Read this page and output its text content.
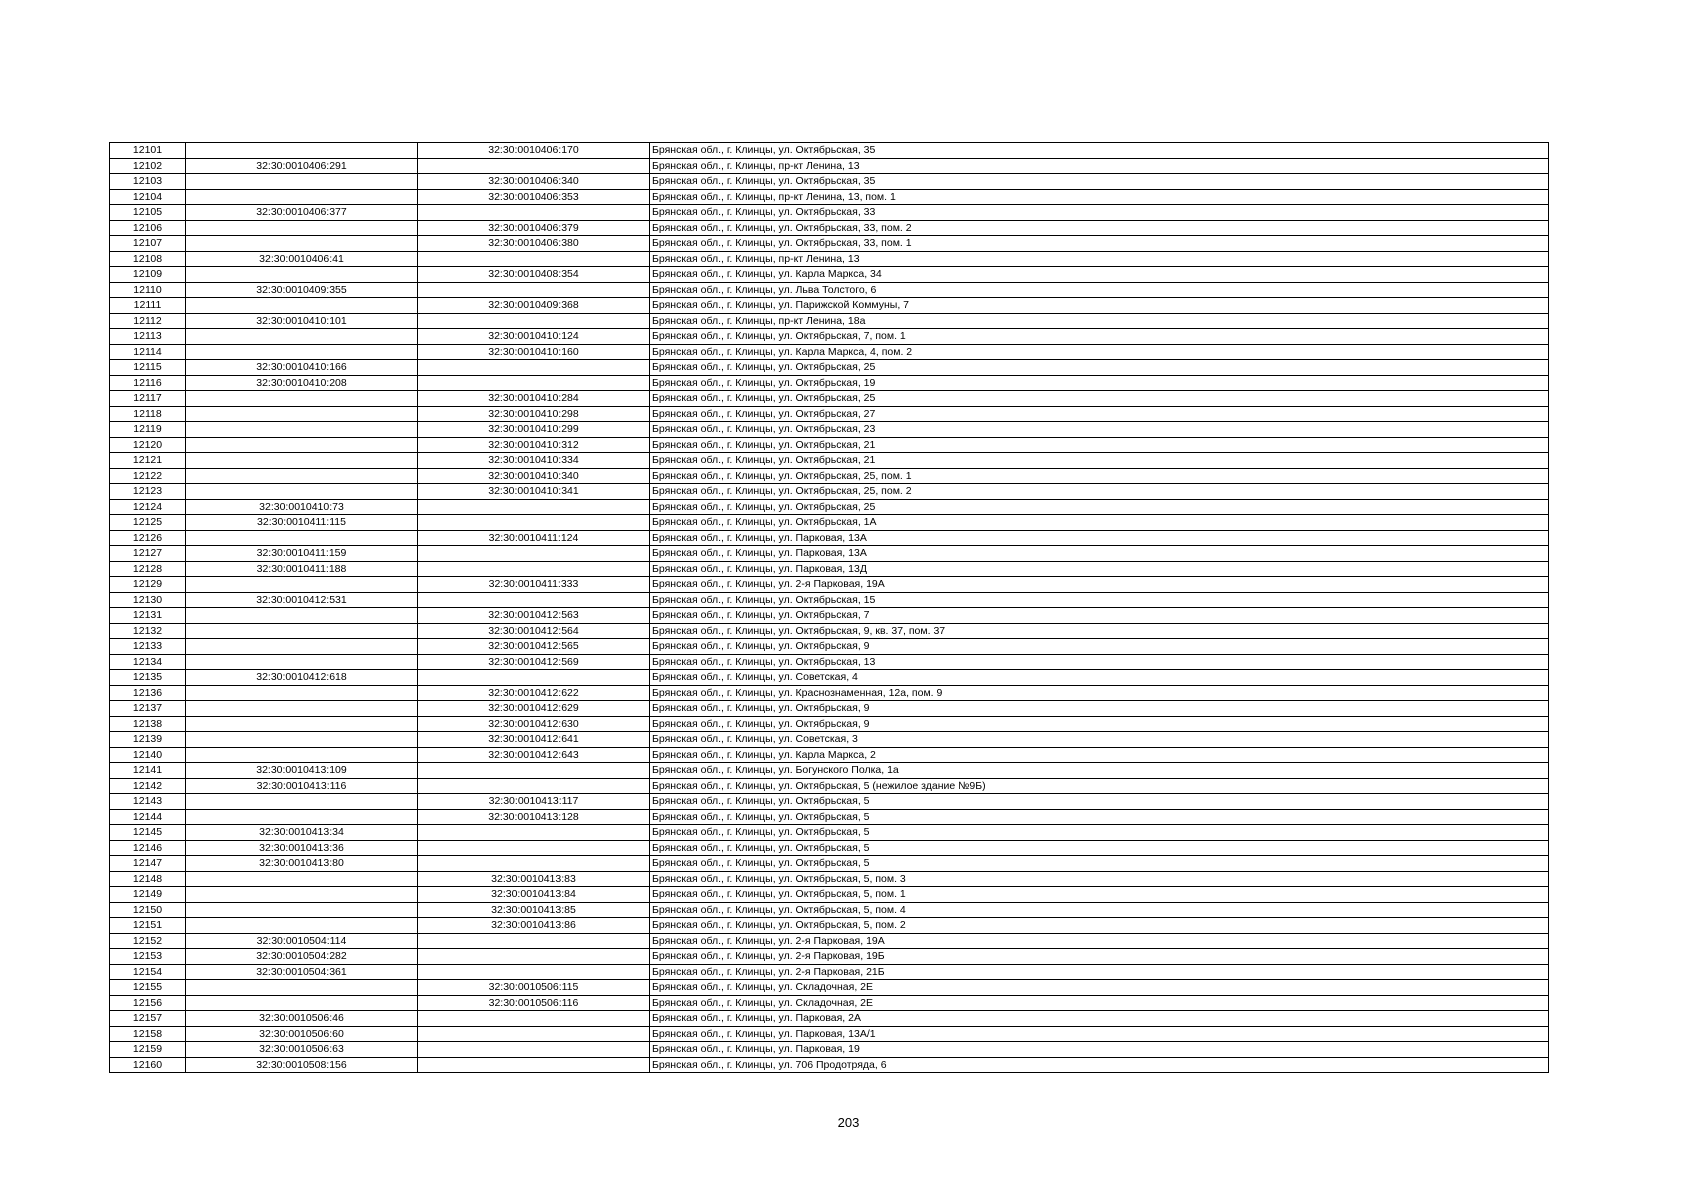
12101		32:30:0010406:170	Брянская обл., г. Клинцы, ул. Октябрьская, 35
12102	32:30:0010406:291		Брянская обл., г. Клинцы, пр-кт Ленина, 13
12103		32:30:0010406:340	Брянская обл., г. Клинцы, ул. Октябрьская, 35
12104		32:30:0010406:353	Брянская обл., г. Клинцы, пр-кт Ленина, 13, пом. 1
12105	32:30:0010406:377		Брянская обл., г. Клинцы, ул. Октябрьская, 33
12106		32:30:0010406:379	Брянская обл., г. Клинцы, ул. Октябрьская, 33, пом. 2
12107		32:30:0010406:380	Брянская обл., г. Клинцы, ул. Октябрьская, 33, пом. 1
12108	32:30:0010406:41		Брянская обл., г. Клинцы, пр-кт Ленина, 13
12109		32:30:0010408:354	Брянская обл., г. Клинцы, ул. Карла Маркса, 34
12110	32:30:0010409:355		Брянская обл., г. Клинцы, ул. Льва Толстого, 6
12111		32:30:0010409:368	Брянская обл., г. Клинцы, ул. Парижской Коммуны, 7
12112	32:30:0010410:101		Брянская обл., г. Клинцы, пр-кт Ленина, 18а
12113		32:30:0010410:124	Брянская обл., г. Клинцы, ул. Октябрьская, 7, пом. 1
12114		32:30:0010410:160	Брянская обл., г. Клинцы, ул. Карла Маркса, 4, пом. 2
12115	32:30:0010410:166		Брянская обл., г. Клинцы, ул. Октябрьская, 25
12116	32:30:0010410:208		Брянская обл., г. Клинцы, ул. Октябрьская, 19
12117		32:30:0010410:284	Брянская обл., г. Клинцы, ул. Октябрьская, 25
12118		32:30:0010410:298	Брянская обл., г. Клинцы, ул. Октябрьская, 27
12119		32:30:0010410:299	Брянская обл., г. Клинцы, ул. Октябрьская, 23
12120		32:30:0010410:312	Брянская обл., г. Клинцы, ул. Октябрьская, 21
12121		32:30:0010410:334	Брянская обл., г. Клинцы, ул. Октябрьская, 21
12122		32:30:0010410:340	Брянская обл., г. Клинцы, ул. Октябрьская, 25, пом. 1
12123		32:30:0010410:341	Брянская обл., г. Клинцы, ул. Октябрьская, 25, пом. 2
12124	32:30:0010410:73		Брянская обл., г. Клинцы, ул. Октябрьская, 25
12125	32:30:0010411:115		Брянская обл., г. Клинцы, ул. Октябрьская, 1А
12126		32:30:0010411:124	Брянская обл., г. Клинцы, ул. Парковая, 13А
12127	32:30:0010411:159		Брянская обл., г. Клинцы, ул. Парковая, 13А
12128	32:30:0010411:188		Брянская обл., г. Клинцы, ул. Парковая, 13Д
12129		32:30:0010411:333	Брянская обл., г. Клинцы, ул. 2-я Парковая, 19А
12130	32:30:0010412:531		Брянская обл., г. Клинцы, ул. Октябрьская, 15
12131		32:30:0010412:563	Брянская обл., г. Клинцы, ул. Октябрьская, 7
12132		32:30:0010412:564	Брянская обл., г. Клинцы, ул. Октябрьская, 9, кв. 37, пом. 37
12133		32:30:0010412:565	Брянская обл., г. Клинцы, ул. Октябрьская, 9
12134		32:30:0010412:569	Брянская обл., г. Клинцы, ул. Октябрьская, 13
12135	32:30:0010412:618		Брянская обл., г. Клинцы, ул. Советская, 4
12136		32:30:0010412:622	Брянская обл., г. Клинцы, ул. Краснознаменная, 12а, пом. 9
12137		32:30:0010412:629	Брянская обл., г. Клинцы, ул. Октябрьская, 9
12138		32:30:0010412:630	Брянская обл., г. Клинцы, ул. Октябрьская, 9
12139		32:30:0010412:641	Брянская обл., г. Клинцы, ул. Советская, 3
12140		32:30:0010412:643	Брянская обл., г. Клинцы, ул. Карла Маркса, 2
12141	32:30:0010413:109		Брянская обл., г. Клинцы, ул. Богунского Полка, 1а
12142	32:30:0010413:116		Брянская обл., г. Клинцы, ул. Октябрьская, 5 (нежилое здание №9Б)
12143		32:30:0010413:117	Брянская обл., г. Клинцы, ул. Октябрьская, 5
12144		32:30:0010413:128	Брянская обл., г. Клинцы, ул. Октябрьская, 5
12145	32:30:0010413:34		Брянская обл., г. Клинцы, ул. Октябрьская, 5
12146	32:30:0010413:36		Брянская обл., г. Клинцы, ул. Октябрьская, 5
12147	32:30:0010413:80		Брянская обл., г. Клинцы, ул. Октябрьская, 5
12148		32:30:0010413:83	Брянская обл., г. Клинцы, ул. Октябрьская, 5, пом. 3
12149		32:30:0010413:84	Брянская обл., г. Клинцы, ул. Октябрьская, 5, пом. 1
12150		32:30:0010413:85	Брянская обл., г. Клинцы, ул. Октябрьская, 5, пом. 4
12151		32:30:0010413:86	Брянская обл., г. Клинцы, ул. Октябрьская, 5, пом. 2
12152	32:30:0010504:114		Брянская обл., г. Клинцы, ул. 2-я Парковая, 19А
12153	32:30:0010504:282		Брянская обл., г. Клинцы, ул. 2-я Парковая, 19Б
12154	32:30:0010504:361		Брянская обл., г. Клинцы, ул. 2-я Парковая, 21Б
12155		32:30:0010506:115	Брянская обл., г. Клинцы, ул. Складочная, 2Е
12156		32:30:0010506:116	Брянская обл., г. Клинцы, ул. Складочная, 2Е
12157	32:30:0010506:46		Брянская обл., г. Клинцы, ул. Парковая, 2А
12158	32:30:0010506:60		Брянская обл., г. Клинцы, ул. Парковая, 13А/1
12159	32:30:0010506:63		Брянская обл., г. Клинцы, ул. Парковая, 19
12160	32:30:0010508:156		Брянская обл., г. Клинцы, ул. 706 Продотряда, 6
203
